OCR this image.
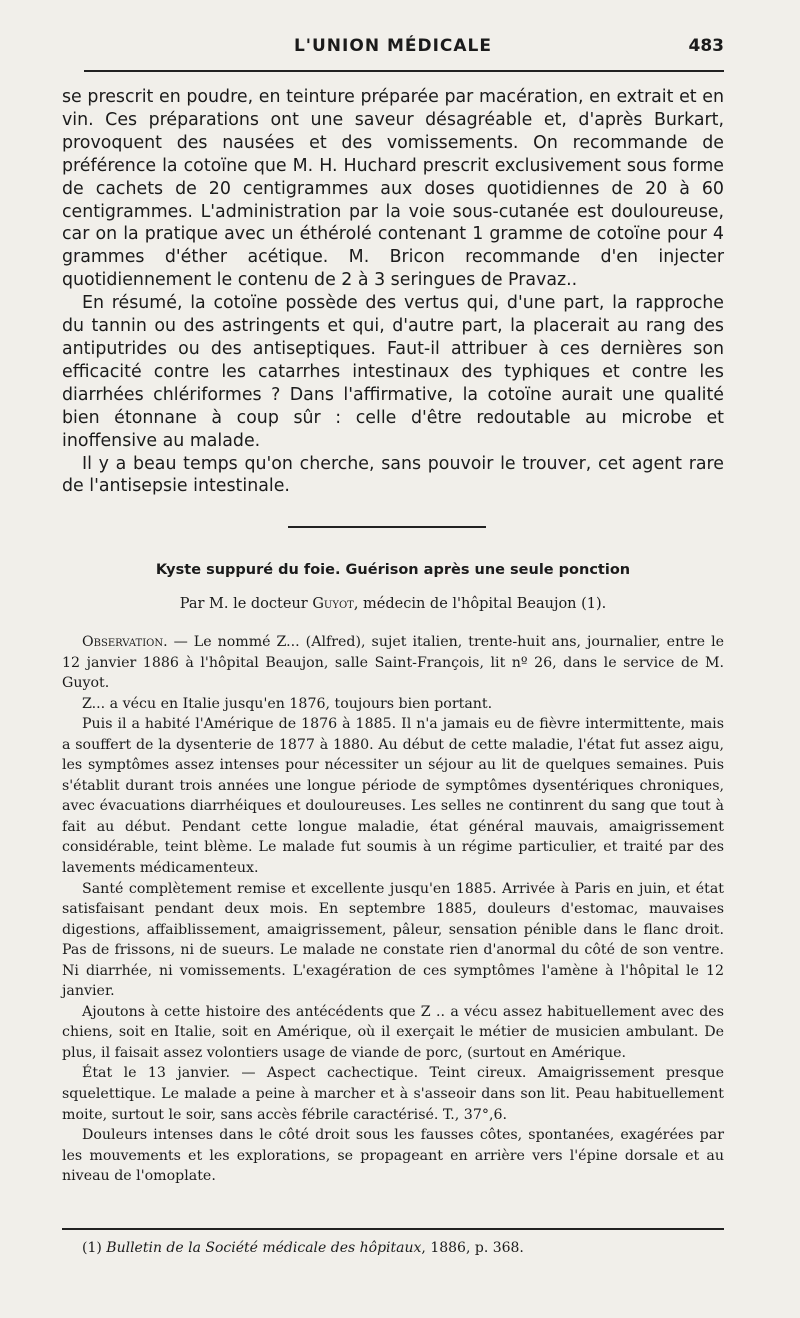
L'UNION MÉDICALE	483

se prescrit en poudre, en teinture préparée par macération, en extrait et en vin. Ces préparations ont une saveur désagréable et, d'après Burkart, provoquent des nausées et des vomissements. On recommande de préférence la cotoïne que M. H. Huchard prescrit exclusivement sous forme de cachets de 20 centigrammes aux doses quotidiennes de 20 à 60 centigrammes. L'administration par la voie sous-cutanée est douloureuse, car on la pratique avec un éthérolé contenant 1 gramme de cotoïne pour 4 grammes d'éther acétique. M. Bricon recommande d'en injecter quotidiennement le contenu de 2 à 3 seringues de Pravaz..

En résumé, la cotoïne possède des vertus qui, d'une part, la rapproche du tannin ou des astringents et qui, d'autre part, la placerait au rang des antiputrides ou des antiseptiques. Faut-il attribuer à ces dernières son efficacité contre les catarrhes intestinaux des typhiques et contre les diarrhées chlériformes ? Dans l'affirmative, la cotoïne aurait une qualité bien étonnane à coup sûr : celle d'être redoutable au microbe et inoffensive au malade.

Il y a beau temps qu'on cherche, sans pouvoir le trouver, cet agent rare de l'antisepsie intestinale.

Kyste suppuré du foie. Guérison après une seule ponction
Par M. le docteur Guyot, médecin de l'hôpital Beaujon (1).

Observation. — Le nommé Z... (Alfred), sujet italien, trente-huit ans, journalier, entre le 12 janvier 1886 à l'hôpital Beaujon, salle Saint-François, lit nº 26, dans le service de M. Guyot.

Z... a vécu en Italie jusqu'en 1876, toujours bien portant.

Puis il a habité l'Amérique de 1876 à 1885. Il n'a jamais eu de fièvre intermittente, mais a souffert de la dysenterie de 1877 à 1880. Au début de cette maladie, l'état fut assez aigu, les symptômes assez intenses pour nécessiter un séjour au lit de quelques semaines. Puis s'établit durant trois années une longue période de symptômes dysentériques chroniques, avec évacuations diarrhéiques et douloureuses. Les selles ne continrent du sang que tout à fait au début. Pendant cette longue maladie, état général mauvais, amaigrissement considérable, teint blème. Le malade fut soumis à un régime particulier, et traité par des lavements médicamenteux.

Santé complètement remise et excellente jusqu'en 1885. Arrivée à Paris en juin, et état satisfaisant pendant deux mois. En septembre 1885, douleurs d'estomac, mauvaises digestions, affaiblissement, amaigrissement, pâleur, sensation pénible dans le flanc droit. Pas de frissons, ni de sueurs. Le malade ne constate rien d'anormal du côté de son ventre. Ni diarrhée, ni vomissements. L'exagération de ces symptômes l'amène à l'hôpital le 12 janvier.

Ajoutons à cette histoire des antécédents que Z .. a vécu assez habituellement avec des chiens, soit en Italie, soit en Amérique, où il exerçait le métier de musicien ambulant. De plus, il faisait assez volontiers usage de viande de porc, (surtout en Amérique.

État le 13 janvier. — Aspect cachectique. Teint cireux. Amaigrissement presque squelettique. Le malade a peine à marcher et à s'asseoir dans son lit. Peau habituellement moite, surtout le soir, sans accès fébrile caractérisé. T., 37°,6.

Douleurs intenses dans le côté droit sous les fausses côtes, spontanées, exagérées par les mouvements et les explorations, se propageant en arrière vers l'épine dorsale et au niveau de l'omoplate.

(1) Bulletin de la Société médicale des hôpitaux, 1886, p. 368.
